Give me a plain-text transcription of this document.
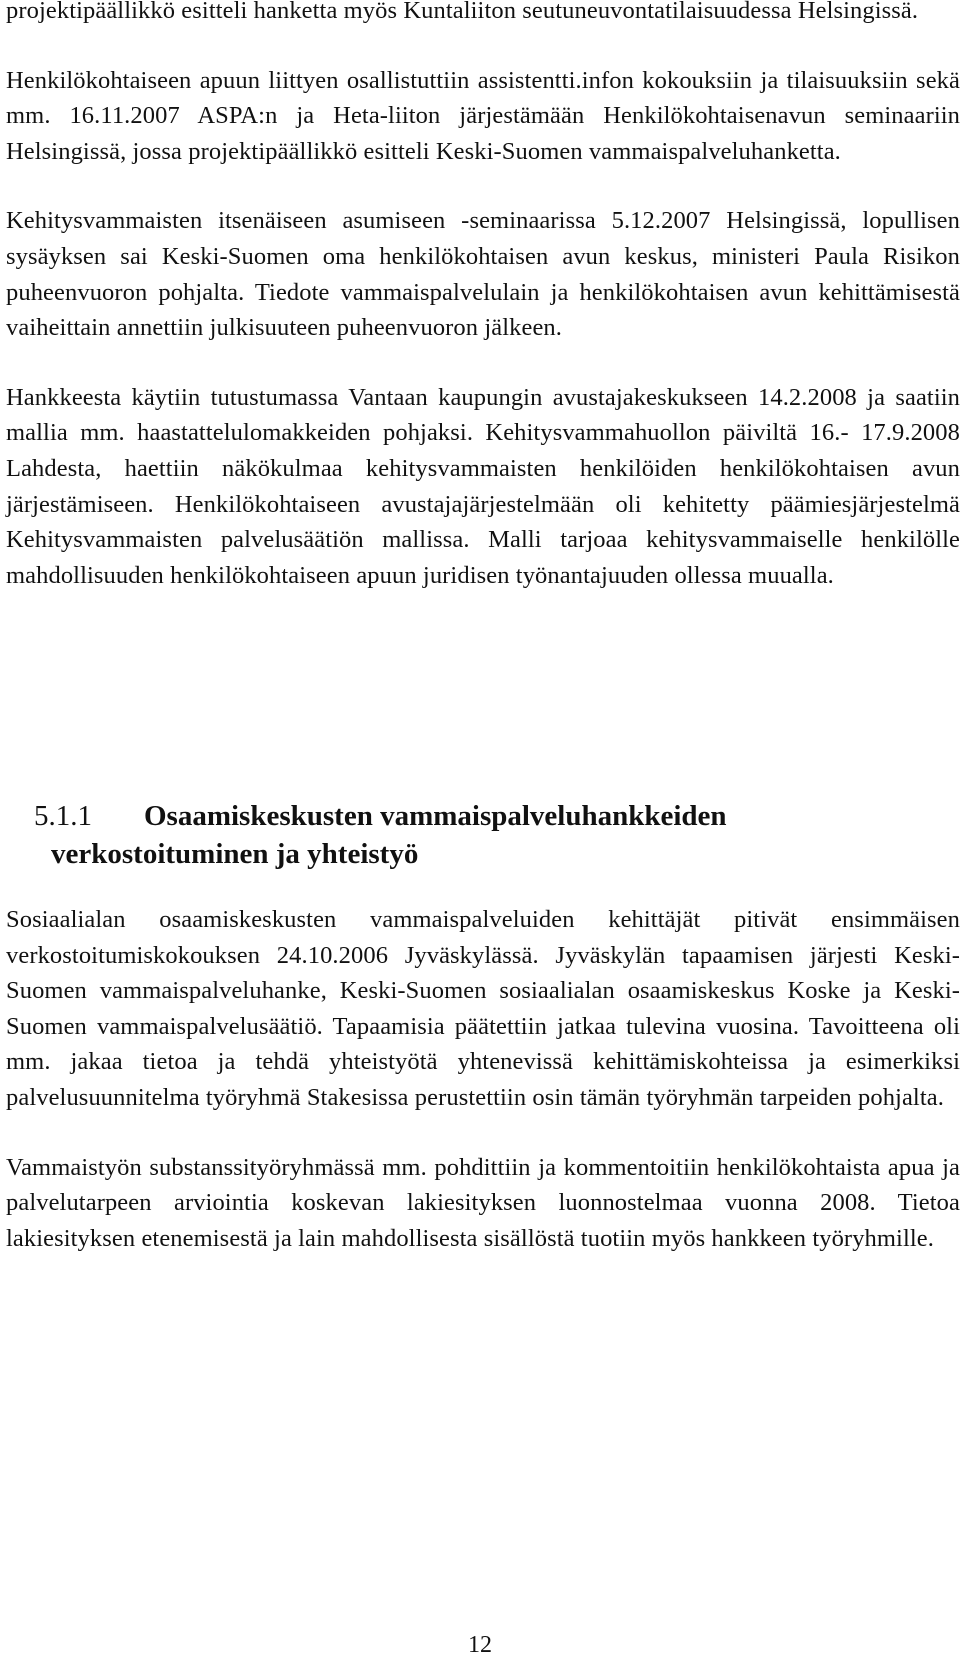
projektipäällikkö esitteli hanketta myös Kuntaliiton seutuneuvontatilaisuudessa Helsingissä.

Henkilökohtaiseen apuun liittyen osallistuttiin assistentti.infon kokouksiin ja tilaisuuksiin sekä mm. 16.11.2007 ASPA:n ja Heta-liiton järjestämään Henkilökohtaisenavun seminaariin Helsingissä, jossa projektipäällikkö esitteli Keski-Suomen vammaispalveluhanketta.

Kehitysvammaisten itsenäiseen asumiseen -seminaarissa 5.12.2007 Helsingissä, lopullisen sysäyksen sai Keski-Suomen oma henkilökohtaisen avun keskus, ministeri Paula Risikon puheenvuoron pohjalta. Tiedote vammaispalvelulain ja henkilökohtaisen avun kehittämisestä vaiheittain annettiin julkisuuteen puheenvuoron jälkeen.

Hankkeesta käytiin tutustumassa Vantaan kaupungin avustajakeskukseen 14.2.2008 ja saatiin mallia mm. haastattelulomakkeiden pohjaksi. Kehitysvammahuollon päiviltä 16.- 17.9.2008 Lahdesta, haettiin näkökulmaa kehitysvammaisten henkilöiden henkilökohtaisen avun järjestämiseen. Henkilökohtaiseen avustajajärjestelmään oli kehitetty päämiesjärjestelmä Kehitysvammaisten palvelusäätiön mallissa. Malli tarjoaa kehitysvammaiselle henkilölle mahdollisuuden henkilökohtaiseen apuun juridisen työnantajuuden ollessa muualla.

5.1.1 Osaamiskeskusten vammaispalveluhankkeiden
verkostoituminen ja yhteistyö

Sosiaalialan osaamiskeskusten vammaispalveluiden kehittäjät pitivät ensimmäisen verkostoitumiskokouksen 24.10.2006 Jyväskylässä. Jyväskylän tapaamisen järjesti Keski-Suomen vammaispalveluhanke, Keski-Suomen sosiaalialan osaamiskeskus Koske ja Keski-Suomen vammaispalvelusäätiö. Tapaamisia päätettiin jatkaa tulevina vuosina. Tavoitteena oli mm. jakaa tietoa ja tehdä yhteistyötä yhtenevissä kehittämiskohteissa ja esimerkiksi palvelusuunnitelma työryhmä Stakesissa perustettiin osin tämän työryhmän tarpeiden pohjalta.

Vammaistyön substanssityöryhmässä mm. pohdittiin ja kommentoitiin henkilökohtaista apua ja palvelutarpeen arviointia koskevan lakiesityksen luonnostelmaa vuonna 2008. Tietoa lakiesityksen etenemisestä ja lain mahdollisesta sisällöstä tuotiin myös hankkeen työryhmille.

12
